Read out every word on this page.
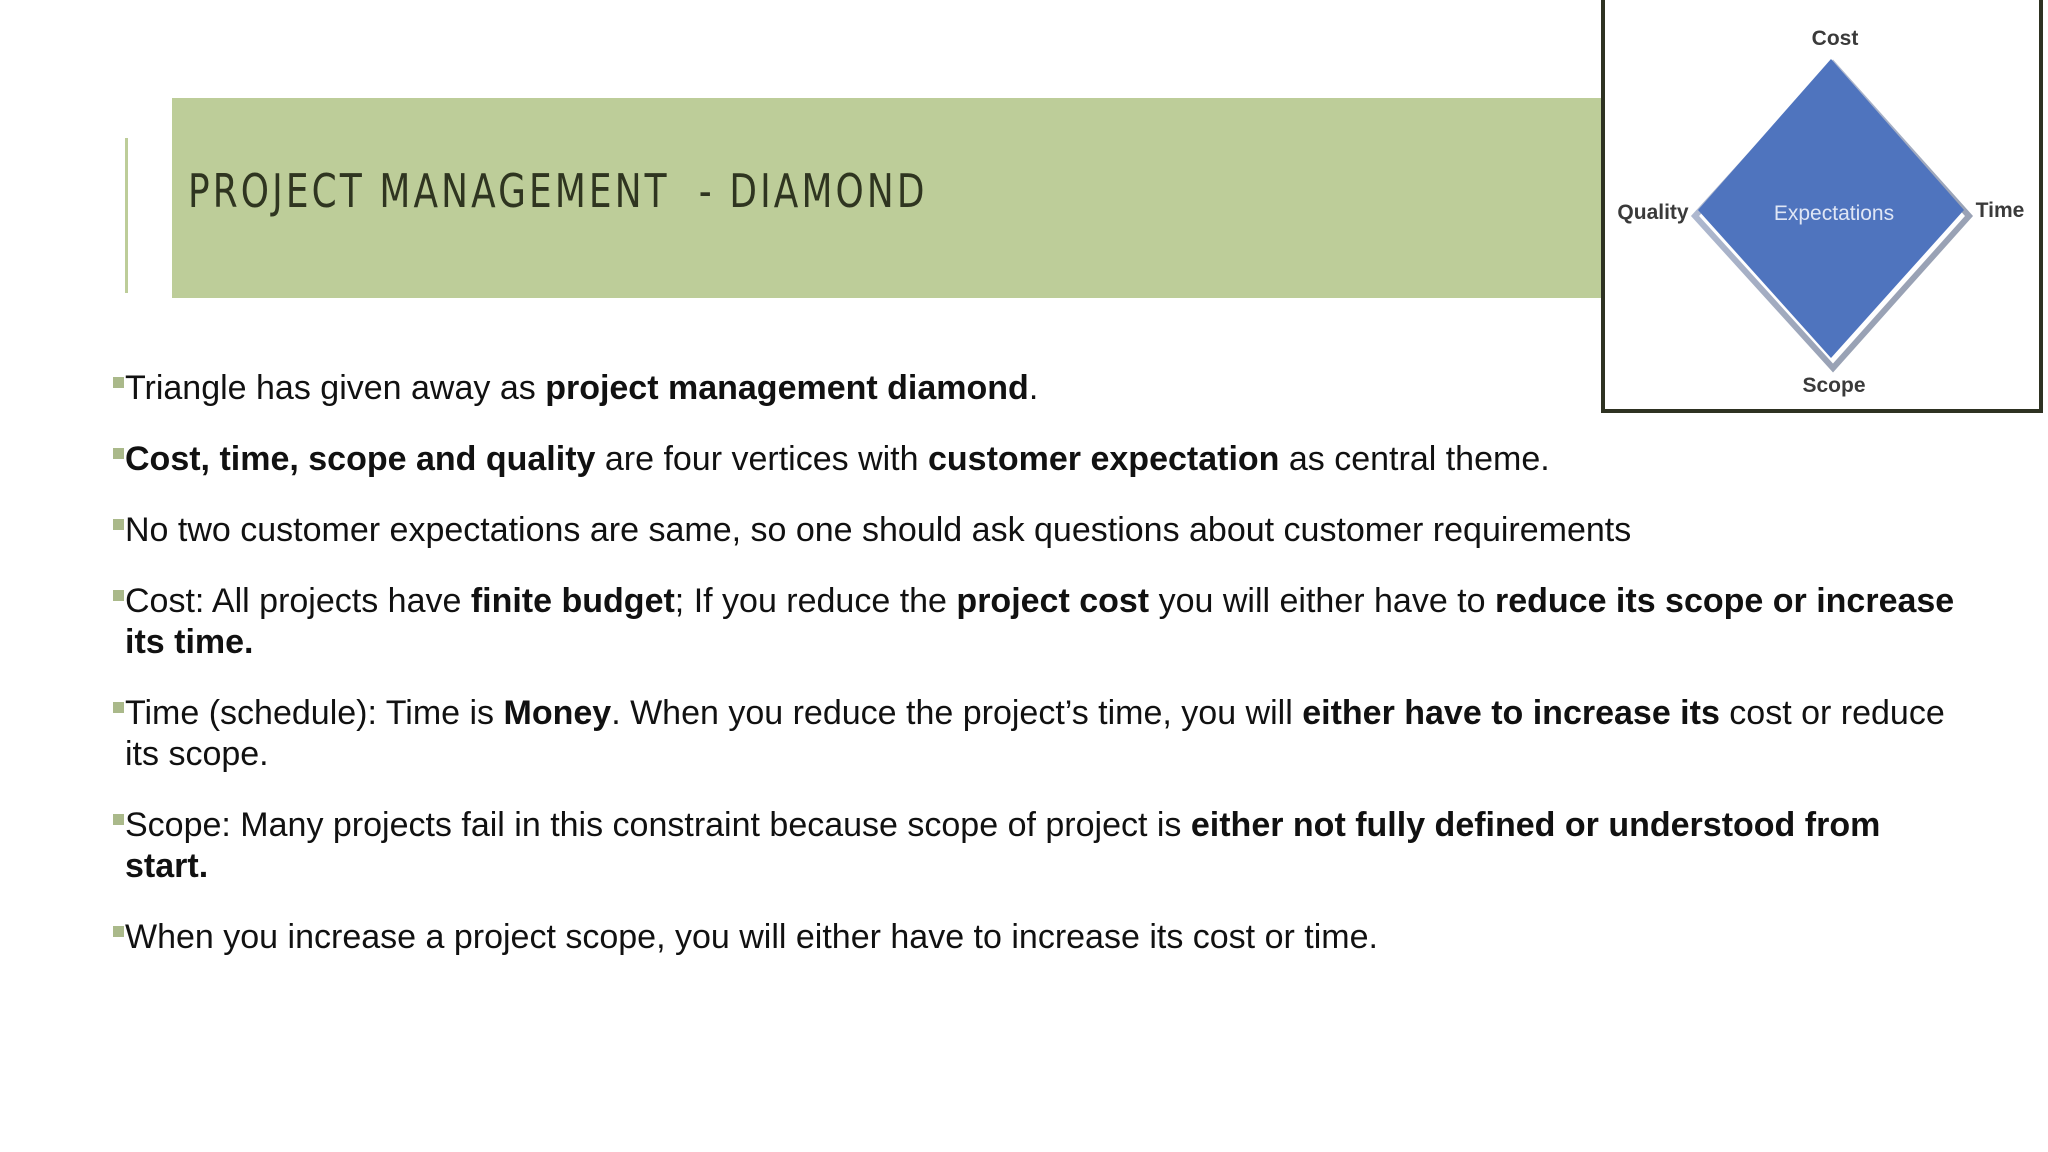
PROJECT MANAGEMENT  - DIAMOND
Cost
Quality	Time
Scope
Expectations
Triangle has given away as project management diamond.
Cost, time, scope and quality are four vertices with customer expectation as central theme.
No two customer expectations are same, so one should ask questions about customer requirements
Cost: All projects have finite budget; If you reduce the project cost you will either have to reduce its scope or increase its time.
Time (schedule): Time is Money. When you reduce the project’s time, you will either have to increase its cost or reduce its scope.
Scope: Many projects fail in this constraint because scope of project is either not fully defined or understood from start.
When you increase a project scope, you will either have to increase its cost or time.
